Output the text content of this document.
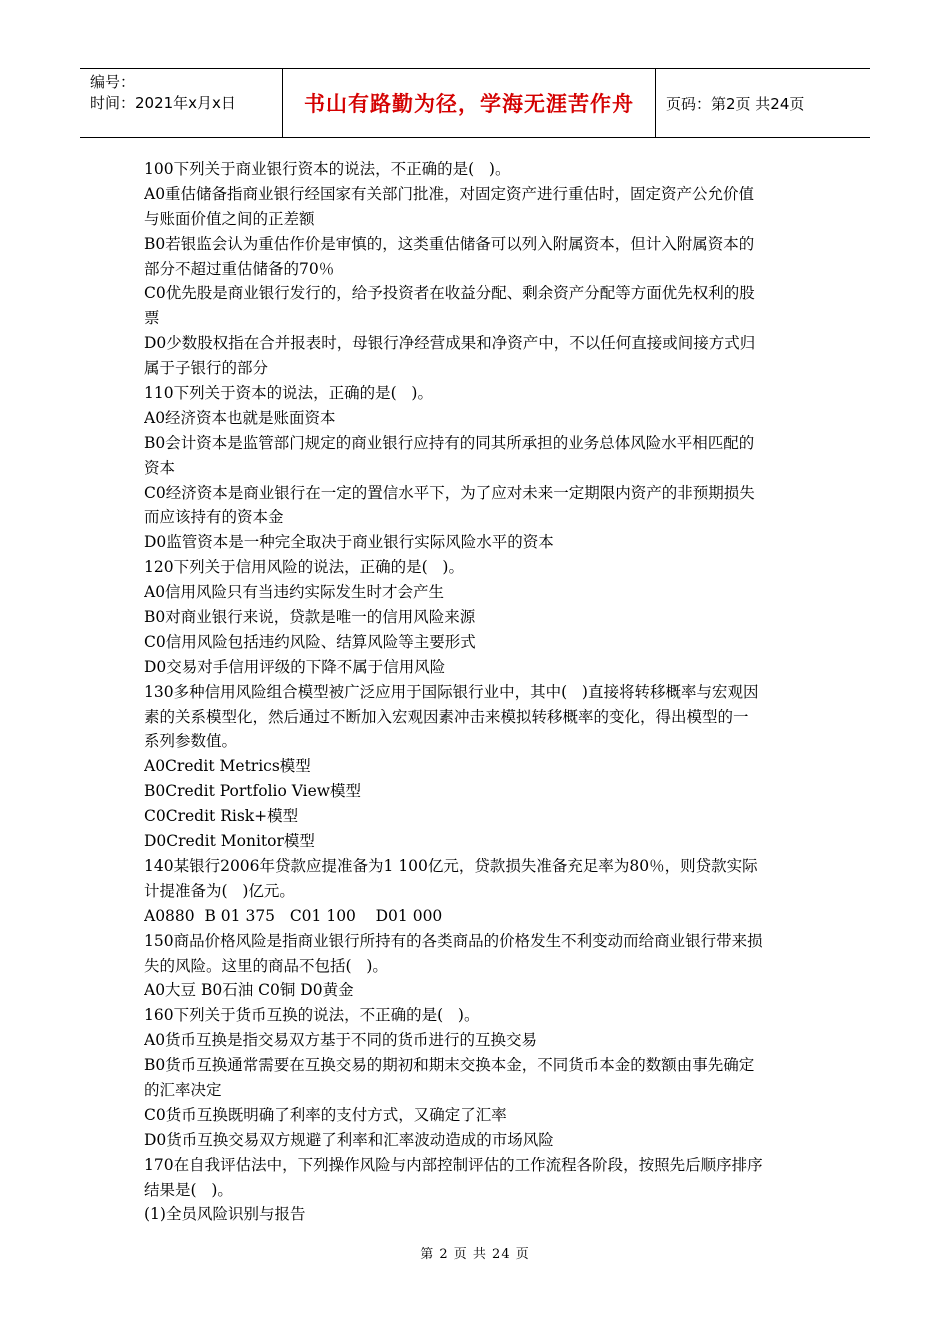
编号：
时间：2021年x月x日	书山有路勤为径，学海无涯苦作舟	页码：第2页 共24页
100下列关于商业银行资本的说法，不正确的是(   )。
A0重估储备指商业银行经国家有关部门批准，对固定资产进行重估时，固定资产公允价值
与账面价值之间的正差额
B0若银监会认为重估作价是审慎的，这类重估储备可以列入附属资本，但计入附属资本的
部分不超过重估储备的70％
C0优先股是商业银行发行的，给予投资者在收益分配、剩余资产分配等方面优先权利的股
票
D0少数股权指在合并报表时，母银行净经营成果和净资产中，不以任何直接或间接方式归
属于子银行的部分
110下列关于资本的说法，正确的是(   )。
A0经济资本也就是账面资本
B0会计资本是监管部门规定的商业银行应持有的同其所承担的业务总体风险水平相匹配的
资本
C0经济资本是商业银行在一定的置信水平下，为了应对未来一定期限内资产的非预期损失
而应该持有的资本金
D0监管资本是一种完全取决于商业银行实际风险水平的资本
120下列关于信用风险的说法，正确的是(   )。
A0信用风险只有当违约实际发生时才会产生
B0对商业银行来说，贷款是唯一的信用风险来源
C0信用风险包括违约风险、结算风险等主要形式
D0交易对手信用评级的下降不属于信用风险
130多种信用风险组合模型被广泛应用于国际银行业中，其中(   )直接将转移概率与宏观因
素的关系模型化，然后通过不断加入宏观因素冲击来模拟转移概率的变化，得出模型的一
系列参数值。
A0Credit Metrics模型
B0Credit Portfolio View模型
C0Credit Risk+模型
D0Credit Monitor模型
140某银行2006年贷款应提准备为1 100亿元，贷款损失准备充足率为80％，则贷款实际
计提准备为(   )亿元。
A0880  B 01 375   C01 100    D01 000
150商品价格风险是指商业银行所持有的各类商品的价格发生不利变动而给商业银行带来损
失的风险。这里的商品不包括(   )。
A0大豆 B0石油 C0铜 D0黄金
160下列关于货币互换的说法，不正确的是(   )。
A0货币互换是指交易双方基于不同的货币进行的互换交易
B0货币互换通常需要在互换交易的期初和期末交换本金，不同货币本金的数额由事先确定
的汇率决定
C0货币互换既明确了利率的支付方式，又确定了汇率
D0货币互换交易双方规避了利率和汇率波动造成的市场风险
170在自我评估法中，下列操作风险与内部控制评估的工作流程各阶段，按照先后顺序排序
结果是(   )。
(1)全员风险识别与报告
第 2 页 共 24 页
